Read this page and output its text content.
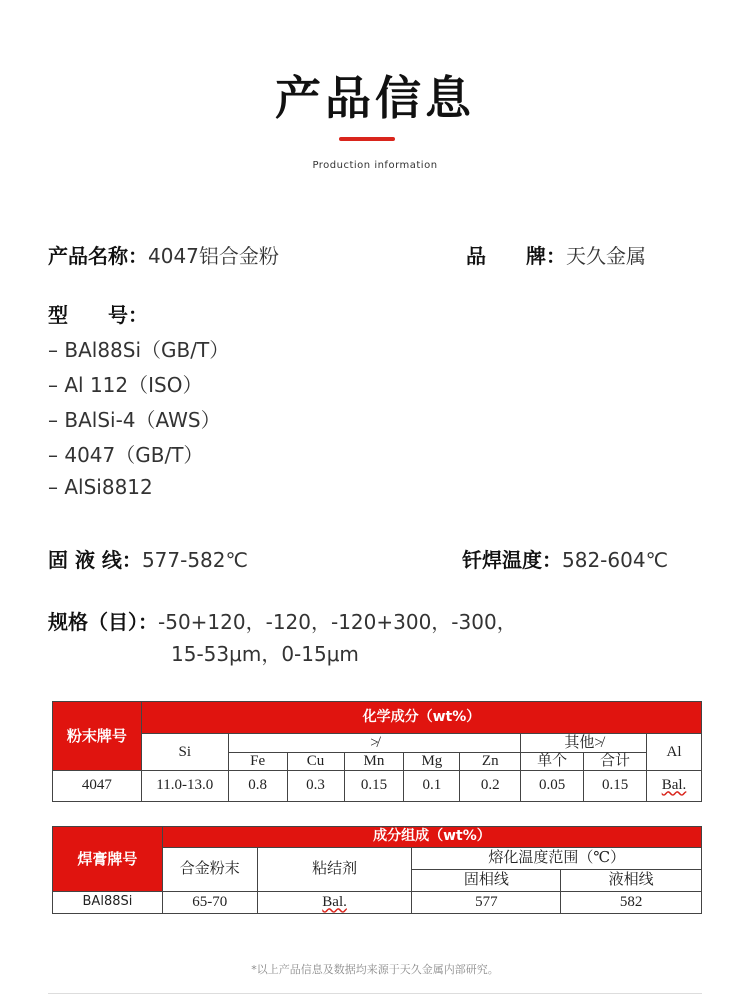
产品信息
Production information
产品名称：4047铝合金粉	品　　牌：天久金属
型　　号：
– BAl88Si（GB/T）
– Al 112（ISO）
– BAlSi-4（AWS）
– 4047（GB/T）
– AlSi8812
固 液 线：577-582℃	钎焊温度：582-604℃
规格（目）：-50+120，-120，-120+300，-300，
15-53μm，0-15μm
粉末牌号	化学成分（wt%）								
	Si	≯					其他≯		Al
		Fe	Cu	Mn	Mg	Zn	单个	合计	
4047	11.0-13.0	0.8	0.3	0.15	0.1	0.2	0.05	0.15	Bal.
焊膏牌号	成分组成（wt%）			
	合金粉末	粘结剂	熔化温度范围（℃）	
			固相线	液相线
BAl88Si	65-70	Bal.	577	582
*以上产品信息及数据均来源于天久金属内部研究。
